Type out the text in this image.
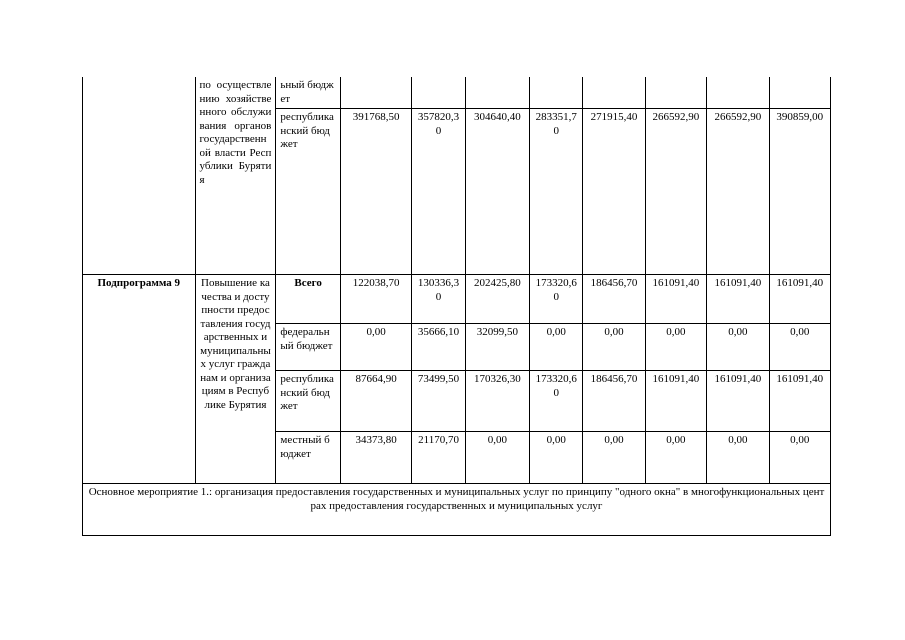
	по осуществлению хозяйственного обслуживания органов государственной власти Республики Бурятия	ьный бюджет								
		республиканский бюджет	391768,50	357820,30	304640,40	283351,70	271915,40	266592,90	266592,90	390859,00
Подпрограмма 9	Повышение качества и доступности предоставления государственных и муниципальных услуг гражданам и организациям в Республике Бурятия	Всего	122038,70	130336,30	202425,80	173320,60	186456,70	161091,40	161091,40	161091,40
		федеральный бюджет	0,00	35666,10	32099,50	0,00	0,00	0,00	0,00	0,00
		республиканский бюджет	87664,90	73499,50	170326,30	173320,60	186456,70	161091,40	161091,40	161091,40
		местный бюджет	34373,80	21170,70	0,00	0,00	0,00	0,00	0,00	0,00
Основное мероприятие 1.: организация предоставления государственных и муниципальных услуг по принципу "одного окна" в многофункциональных центрах предоставления государственных и муниципальных услуг										
